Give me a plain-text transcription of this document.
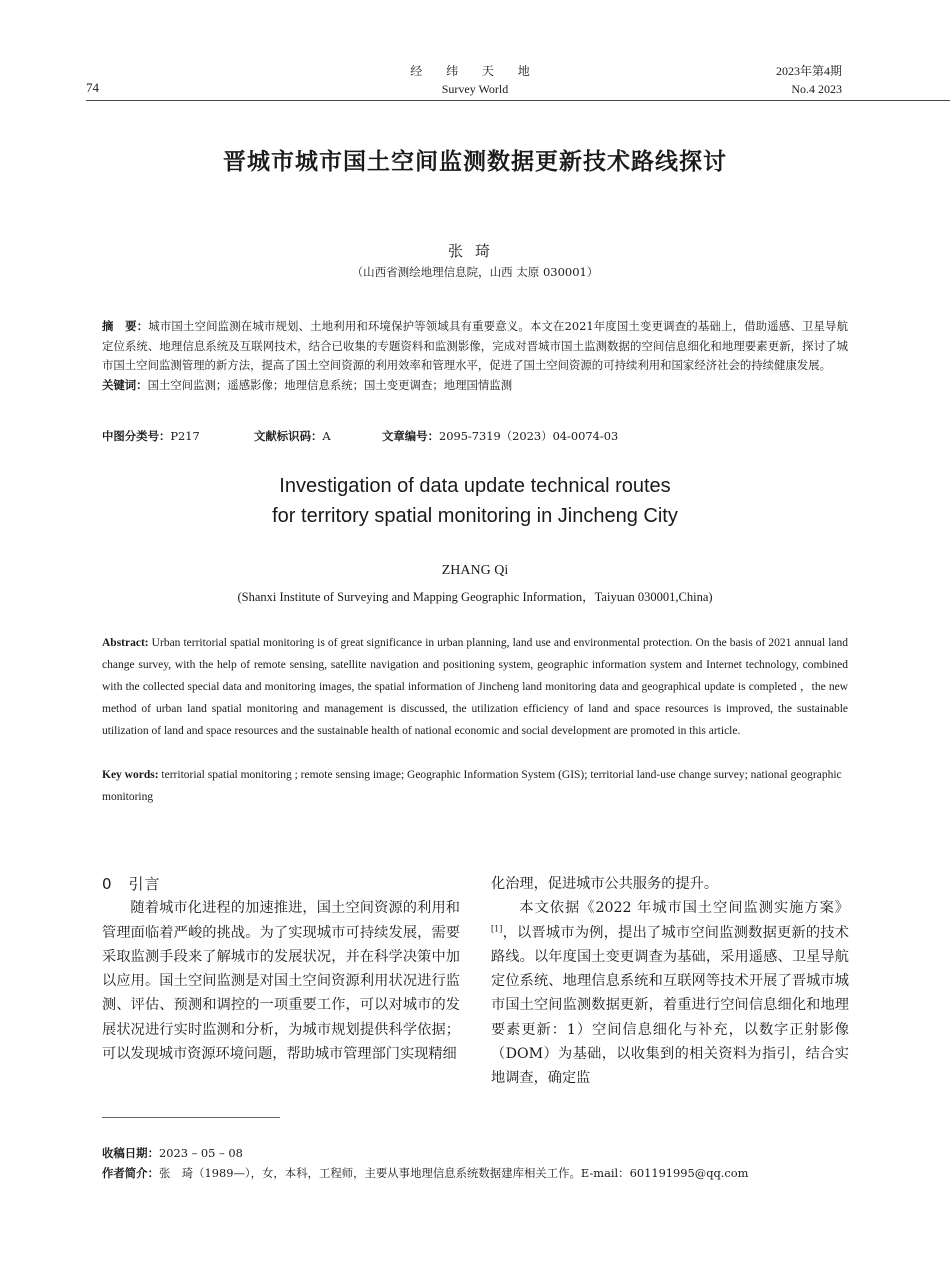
74
经 纬 天 地
Survey World
2023年第4期
No.4 2023
晋城市城市国土空间监测数据更新技术路线探讨
张琦
（山西省测绘地理信息院，山西 太原 030001）
摘　要：城市国土空间监测在城市规划、土地利用和环境保护等领域具有重要意义。本文在2021年度国土变更调查的基础上，借助遥感、卫星导航定位系统、地理信息系统及互联网技术，结合已收集的专题资料和监测影像，完成对晋城市国土监测数据的空间信息细化和地理要素更新，探讨了城市国土空间监测管理的新方法，提高了国土空间资源的利用效率和管理水平，促进了国土空间资源的可持续利用和国家经济社会的持续健康发展。
关键词：国土空间监测；遥感影像；地理信息系统；国土变更调查；地理国情监测
中图分类号：P217	文献标识码：A	文章编号：2095-7319（2023）04-0074-03
Investigation of data update technical routes
for territory spatial monitoring in Jincheng City
ZHANG Qi
(Shanxi Institute of Surveying and Mapping Geographic Information，Taiyuan 030001,China)
Abstract: Urban territorial spatial monitoring is of great significance in urban planning, land use and environmental protection. On the basis of 2021 annual land change survey, with the help of remote sensing, satellite navigation and positioning system, geographic information system and Internet technology, combined with the collected special data and monitoring images, the spatial information of Jincheng land monitoring data and geographical update is completed ，the new method of urban land spatial monitoring and management is discussed, the utilization efficiency of land and space resources is improved, the sustainable utilization of land and space resources and the sustainable health of national economic and social development are promoted in this article.
Key words: territorial spatial monitoring ; remote sensing image; Geographic Information System (GIS); territorial land-use change survey; national geographic monitoring
0　引言
随着城市化进程的加速推进，国土空间资源的利用和管理面临着严峻的挑战。为了实现城市可持续发展，需要采取监测手段来了解城市的发展状况，并在科学决策中加以应用。国土空间监测是对国土空间资源利用状况进行监测、评估、预测和调控的一项重要工作，可以对城市的发展状况进行实时监测和分析，为城市规划提供科学依据；可以发现城市资源环境问题，帮助城市管理部门实现精细
化治理，促进城市公共服务的提升。
本文依据《2022 年城市国土空间监测实施方案》[1]，以晋城市为例，提出了城市空间监测数据更新的技术路线。以年度国土变更调查为基础，采用遥感、卫星导航定位系统、地理信息系统和互联网等技术开展了晋城市城市国土空间监测数据更新，着重进行空间信息细化和地理要素更新：1）空间信息细化与补充，以数字正射影像（DOM）为基础，以收集到的相关资料为指引，结合实地调查，确定监
收稿日期：2023 – 05 – 08
作者简介：张　琦（1989—），女，本科，工程师，主要从事地理信息系统数据建库相关工作。E-mail：601191995@qq.com
